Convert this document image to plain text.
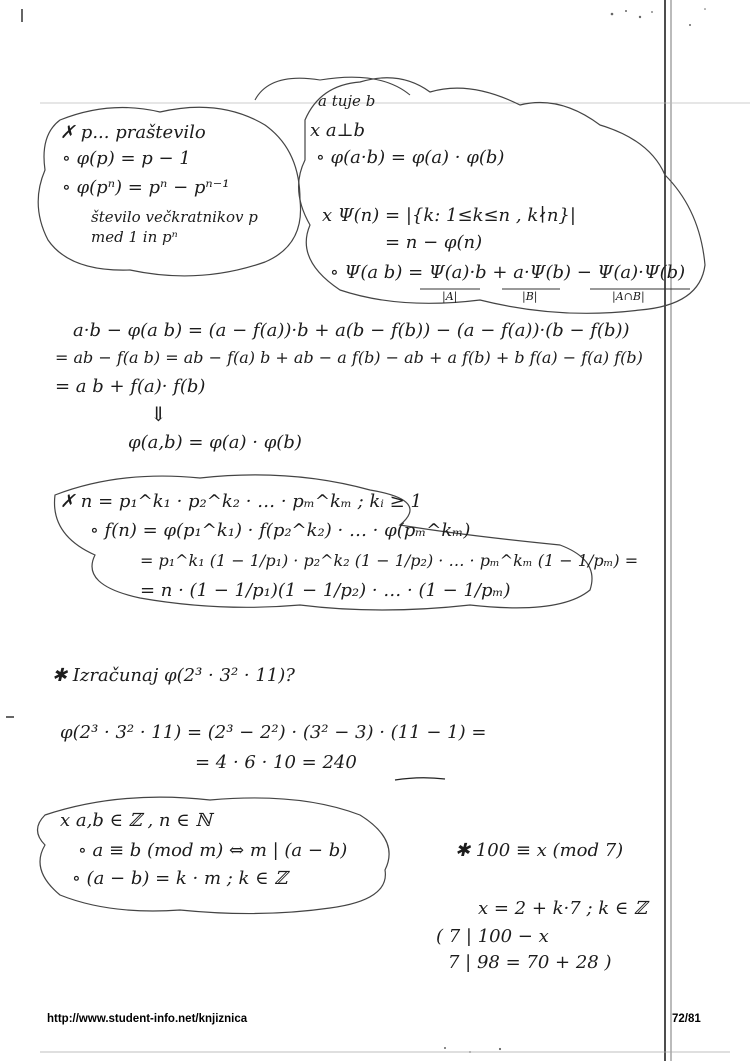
✗ p... praštevilo
∘ φ(p) = p − 1
∘ φ(pⁿ) = pⁿ − pⁿ⁻¹
število večkratnikov p
med 1 in pⁿ
a tuje b
x a⊥b
∘ φ(a·b) = φ(a) · φ(b)
x Ψ(n) = |{k: 1≤k≤n , k∤n}|
= n − φ(n)
∘ Ψ(a b) = Ψ(a)·b + a·Ψ(b) − Ψ(a)·Ψ(b)
|A|	|B|	|A∩B|
a·b − φ(a b) = (a − f(a))·b + a(b − f(b)) − (a − f(a))·(b − f(b))
= ab − f(a b) = ab − f(a) b + ab − a f(b) − ab + a f(b) + b f(a) − f(a) f(b)
= a b + f(a)· f(b)
⇓
φ(a,b) = φ(a) · φ(b)
✗ n = p₁^k₁ · p₂^k₂ · … · pₘ^kₘ ; kᵢ ≥ 1
∘ f(n) = φ(p₁^k₁) · f(p₂^k₂) · … · φ(pₘ^kₘ)
= p₁^k₁ (1 − 1/p₁) · p₂^k₂ (1 − 1/p₂) · … · pₘ^kₘ (1 − 1/pₘ) =
= n · (1 − 1/p₁)(1 − 1/p₂) · … · (1 − 1/pₘ)
✱ Izračunaj φ(2³ · 3² · 11)?
φ(2³ · 3² · 11) = (2³ − 2²) · (3² − 3) · (11 − 1) =
= 4 · 6 · 10 = 240
x a,b ∈ ℤ , n ∈ ℕ
∘ a ≡ b (mod m) ⇔ m | (a − b)
∘ (a − b) = k · m ; k ∈ ℤ
✱ 100 ≡ x (mod 7)
x = 2 + k·7 ; k ∈ ℤ
( 7 | 100 − x
7 | 98 = 70 + 28 )
http://www.student-info.net/knjiznica	72/81
